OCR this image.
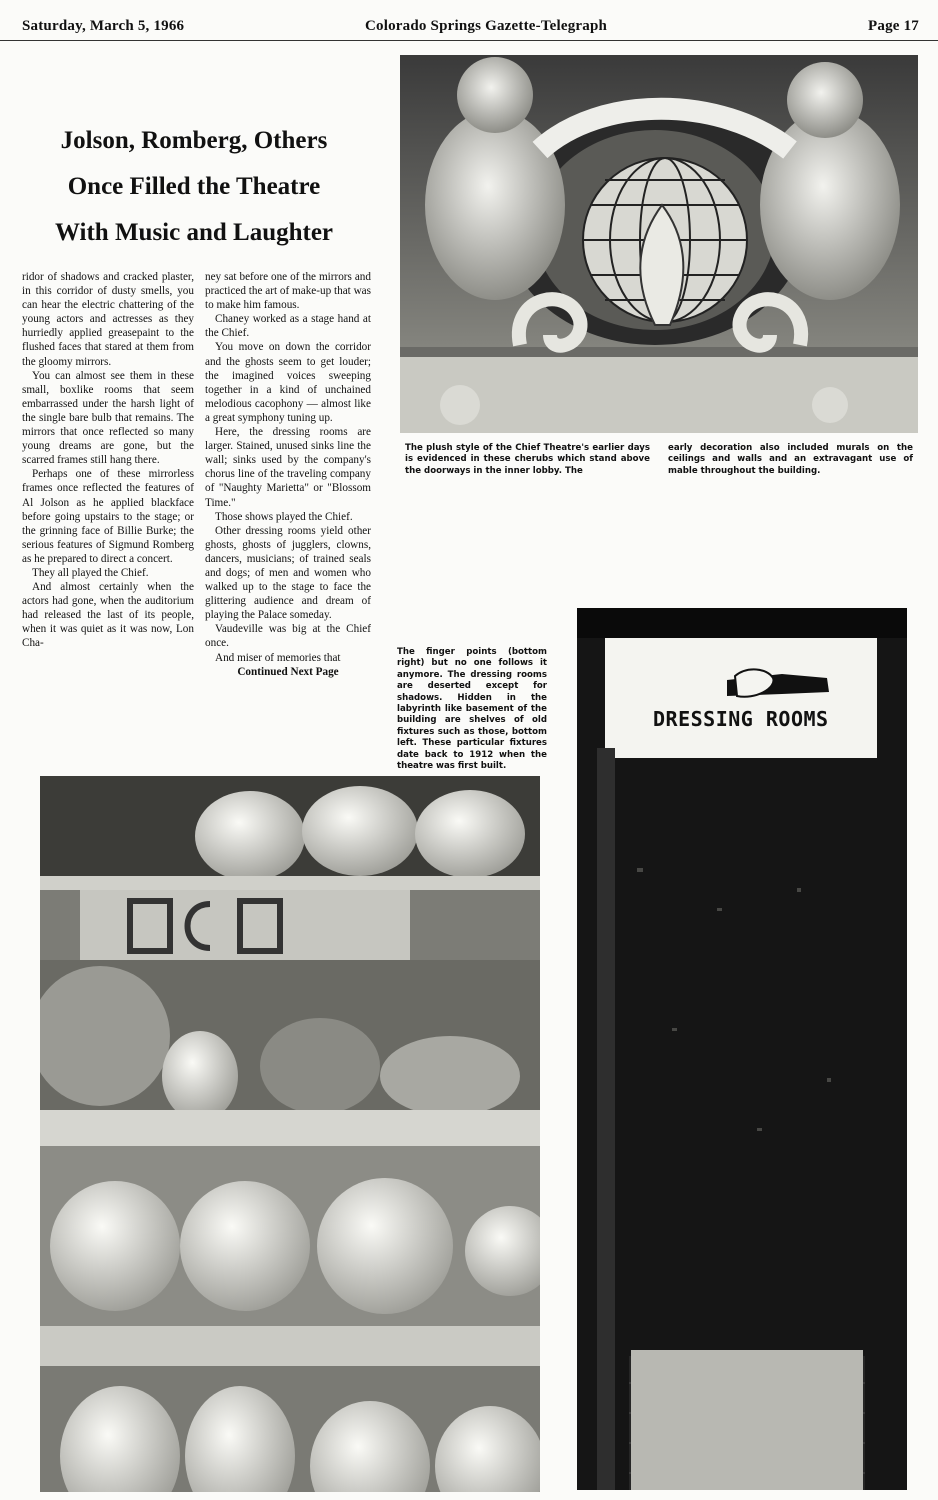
Saturday, March 5, 1966	Colorado Springs Gazette-Telegraph	Page 17
Jolson, Romberg, Others
Once Filled the Theatre
With Music and Laughter

ridor of shadows and cracked plaster, in this corridor of dusty smells, you can hear the electric chattering of the young actors and actresses as they hurriedly applied greasepaint to the flushed faces that stared at them from the gloomy mirrors.

You can almost see them in these small, boxlike rooms that seem embarrassed under the harsh light of the single bare bulb that remains. The mirrors that once reflected so many young dreams are gone, but the scarred frames still hang there.

Perhaps one of these mirrorless frames once reflected the features of Al Jolson as he applied blackface before going upstairs to the stage; or the grinning face of Billie Burke; the serious features of Sigmund Romberg as he prepared to direct a concert.

They all played the Chief.

And almost certainly when the actors had gone, when the auditorium had released the last of its people, when it was quiet as it was now, Lon Cha-

ney sat before one of the mirrors and practiced the art of make-up that was to make him famous.

Chaney worked as a stage hand at the Chief.

You move on down the corridor and the ghosts seem to get louder; the imagined voices sweeping together in a kind of unchained melodious cacophony — almost like a great symphony tuning up.

Here, the dressing rooms are larger. Stained, unused sinks line the wall; sinks used by the company's chorus line of the traveling company of "Naughty Marietta" or "Blossom Time."

Those shows played the Chief.

Other dressing rooms yield other ghosts, ghosts of jugglers, clowns, dancers, musicians; of trained seals and dogs; of men and women who walked up to the stage to face the glittering audience and dream of playing the Palace someday.

Vaudeville was big at the Chief once.

And miser of memories that

Continued Next Page

The plush style of the Chief Theatre's earlier days is evidenced in these cherubs which stand above the doorways in the inner lobby. The
early decoration also included murals on the ceilings and walls and an extravagant use of mable throughout the building.
The finger points (bottom right) but no one follows it anymore. The dressing rooms are deserted except for shadows. Hidden in the labyrinth like basement of the building are shelves of old fixtures such as those, bottom left. These particular fixtures date back to 1912 when the theatre was first built.
DRESSING ROOMS
